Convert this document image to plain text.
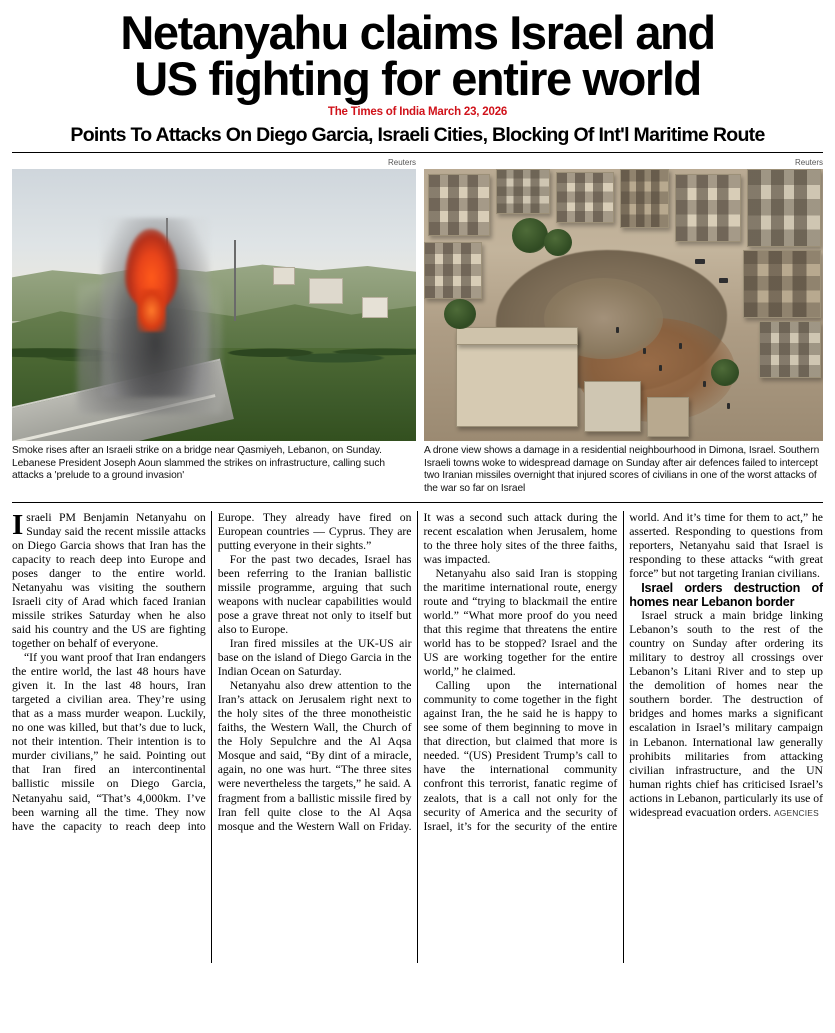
Netanyahu claims Israel and
US fighting for entire world
The Times of India March 23, 2026
Points To Attacks On Diego Garcia, Israeli Cities, Blocking Of Int'l Maritime Route
Reuters
Smoke rises after an Israeli strike on a bridge near Qasmiyeh, Lebanon, on Sunday. Lebanese President Joseph Aoun slammed the strikes on infrastructure, calling such attacks a 'prelude to a ground invasion'
Reuters
A drone view shows a damage in a residential neighbourhood in Dimona, Israel. Southern Israeli towns woke to widespread damage on Sunday after air defences failed to intercept two Iranian missiles overnight that injured scores of civilians in one of the worst attacks of the war so far on Israel

Israeli PM Benjamin Netanyahu on Sunday said the recent missile attacks on Diego Garcia shows that Iran has the capacity to reach deep into Europe and poses danger to the entire world. Netanyahu was visiting the southern Israeli city of Arad which faced Iranian missile strikes Saturday when he also said his country and the US are fighting together on behalf of everyone.

“If you want proof that Iran endangers the entire world, the last 48 hours have given it. In the last 48 hours, Iran targeted a civilian area. They’re using that as a mass murder weapon. Luckily, no one was killed, but that’s due to luck, not their intention. Their intention is to murder civilians,” he said. Pointing out that Iran fired an intercontinental ballistic missile on Diego Garcia, Netanyahu said, “That’s 4,000km. I’ve been warning all the time. They now have the capacity to reach deep into Europe. They already have fired on European countries — Cyprus. They are putting everyone in their sights.”

For the past two decades, Israel has been referring to the Iranian ballistic missile programme, arguing that such weapons with nuclear capabilities would pose a grave threat not only to itself but also to Europe.

Iran fired missiles at the UK-US air base on the island of Diego Garcia in the Indian Ocean on Saturday.

Netanyahu also drew attention to the Iran’s attack on Jerusalem right next to the holy sites of the three monotheistic faiths, the Western Wall, the Church of the Holy Sepulchre and the Al Aqsa Mosque and said, “By dint of a miracle, again, no one was hurt. “The three sites were nevertheless the targets,” he said. A fragment from a ballistic missile fired by Iran fell quite close to the Al Aqsa mosque and the Western Wall on Friday. It was a second such attack during the recent escalation when Jerusalem, home to the three holy sites of the three faiths, was impacted.

Netanyahu also said Iran is stopping the maritime international route, energy route and “trying to blackmail the entire world.” “What more proof do you need that this regime that threatens the entire world has to be stopped? Israel and the US are working together for the entire world,” he claimed.

Calling upon the international community to come together in the fight against Iran, the he said he is happy to see some of them beginning to move in that direction, but claimed that more is needed. “(US) President Trump’s call to have the international community confront this terrorist, fanatic regime of zealots, that is a call not only for the security of America and the security of Israel, it’s for the security of the entire world. And it’s time for them to act,” he asserted. Responding to questions from reporters, Netanyahu said that Israel is responding to these attacks “with great force” but not targeting Iranian civilians.

Israel orders destruction of homes near Lebanon border

Israel struck a main bridge linking Lebanon’s south to the rest of the country on Sunday after ordering its military to destroy all crossings over Lebanon’s Litani River and to step up the demolition of homes near the southern border. The destruction of bridges and homes marks a significant escalation in Israel’s military campaign in Lebanon. International law generally prohibits militaries from attacking civilian infrastructure, and the UN human rights chief has criticised Israel’s actions in Lebanon, particularly its use of widespread evacuation orders. AGENCIES
